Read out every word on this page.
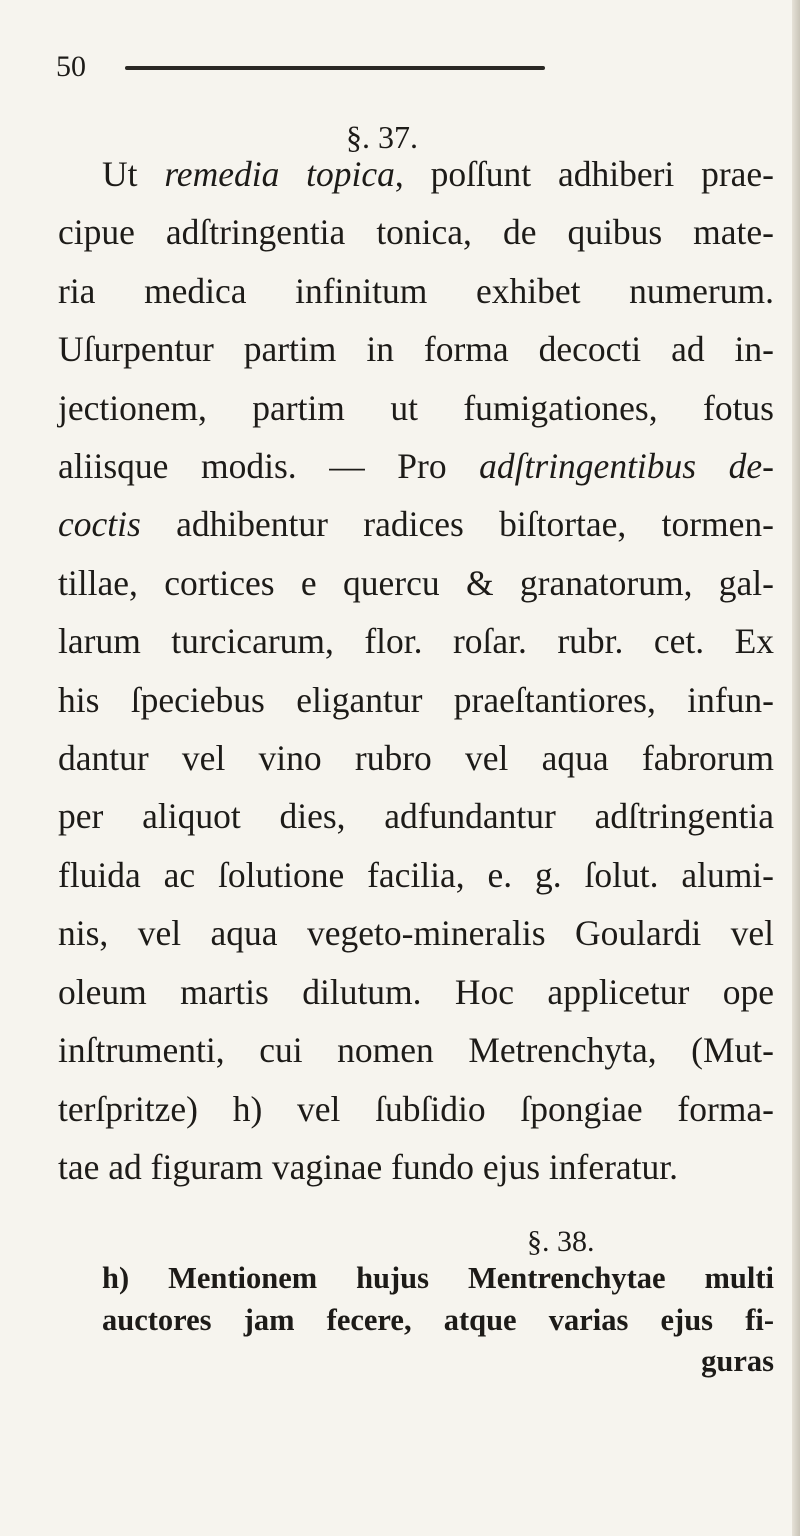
50
§. 37.
Ut remedia topica, poſſunt adhiberi prae-
cipue adſtringentia tonica, de quibus mate-
ria medica infinitum exhibet numerum.
Uſurpentur partim in forma decocti ad in-
jectionem, partim ut fumigationes, fotus
aliisque modis. — Pro adſtringentibus de-
coctis adhibentur radices biſtortae, tormen-
tillae, cortices e quercu & granatorum, gal-
larum turcicarum, flor. roſar. rubr. cet. Ex
his ſpeciebus eligantur praeſtantiores, infun-
dantur vel vino rubro vel aqua fabrorum
per aliquot dies, adfundantur adſtringentia
fluida ac ſolutione facilia, e. g. ſolut. alumi-
nis, vel aqua vegeto-mineralis Goulardi vel
oleum martis dilutum. Hoc applicetur ope
inſtrumenti, cui nomen Metrenchyta, (Mut-
terſpritze) h) vel ſubſidio ſpongiae forma-
tae ad figuram vaginae fundo ejus inferatur.
§. 38.
h) Mentionem hujus Mentrenchytae multi
auctores jam fecere, atque varias ejus fi-
guras
